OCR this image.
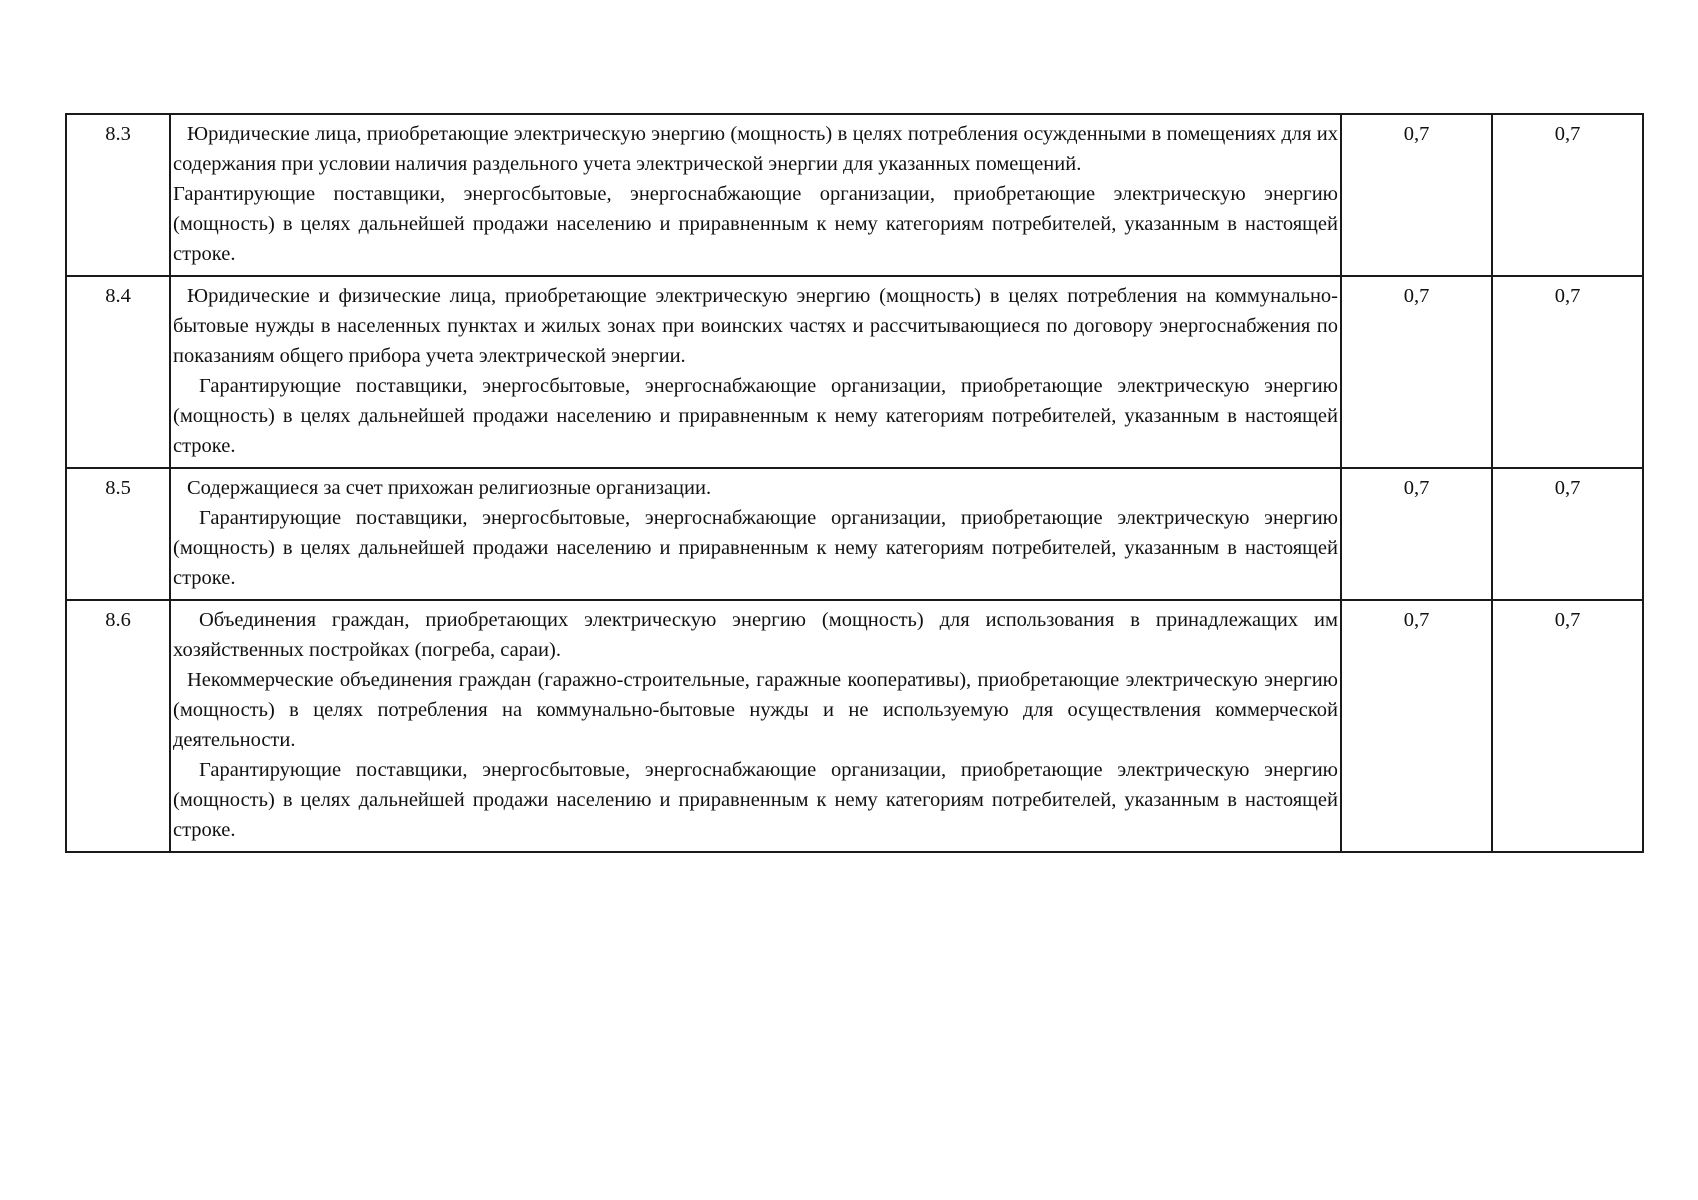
8.3	Юридические лица, приобретающие электрическую энергию (мощность) в целях потребления осужденными в помещениях для их содержания при условии наличия раздельного учета электрической энергии для указанных помещений.

Гарантирующие поставщики, энергосбытовые, энергоснабжающие организации, приобретающие электрическую энергию (мощность) в целях дальнейшей продажи населению и приравненным к нему категориям потребителей, указанным в настоящей строке.	0,7	0,7
8.4	Юридические и физические лица, приобретающие электрическую энергию (мощность) в целях потребления на коммунально-бытовые нужды в населенных пунктах и жилых зонах при воинских частях и рассчитывающиеся по договору энергоснабжения по показаниям общего прибора учета электрической энергии.

Гарантирующие поставщики, энергосбытовые, энергоснабжающие организации, приобретающие электрическую энергию (мощность) в целях дальнейшей продажи населению и приравненным к нему категориям потребителей, указанным в настоящей строке.	0,7	0,7
8.5	Содержащиеся за счет прихожан религиозные организации.

Гарантирующие поставщики, энергосбытовые, энергоснабжающие организации, приобретающие электрическую энергию (мощность) в целях дальнейшей продажи населению и приравненным к нему категориям потребителей, указанным в настоящей строке.	0,7	0,7
8.6	Объединения граждан, приобретающих электрическую энергию (мощность) для использования в принадлежащих им хозяйственных постройках (погреба, сараи).

Некоммерческие объединения граждан (гаражно-строительные, гаражные кооперативы), приобретающие электрическую энергию (мощность) в целях потребления на коммунально-бытовые нужды и не используемую для осуществления коммерческой деятельности.

Гарантирующие поставщики, энергосбытовые, энергоснабжающие организации, приобретающие электрическую энергию (мощность) в целях дальнейшей продажи населению и приравненным к нему категориям потребителей, указанным в настоящей строке.	0,7	0,7
